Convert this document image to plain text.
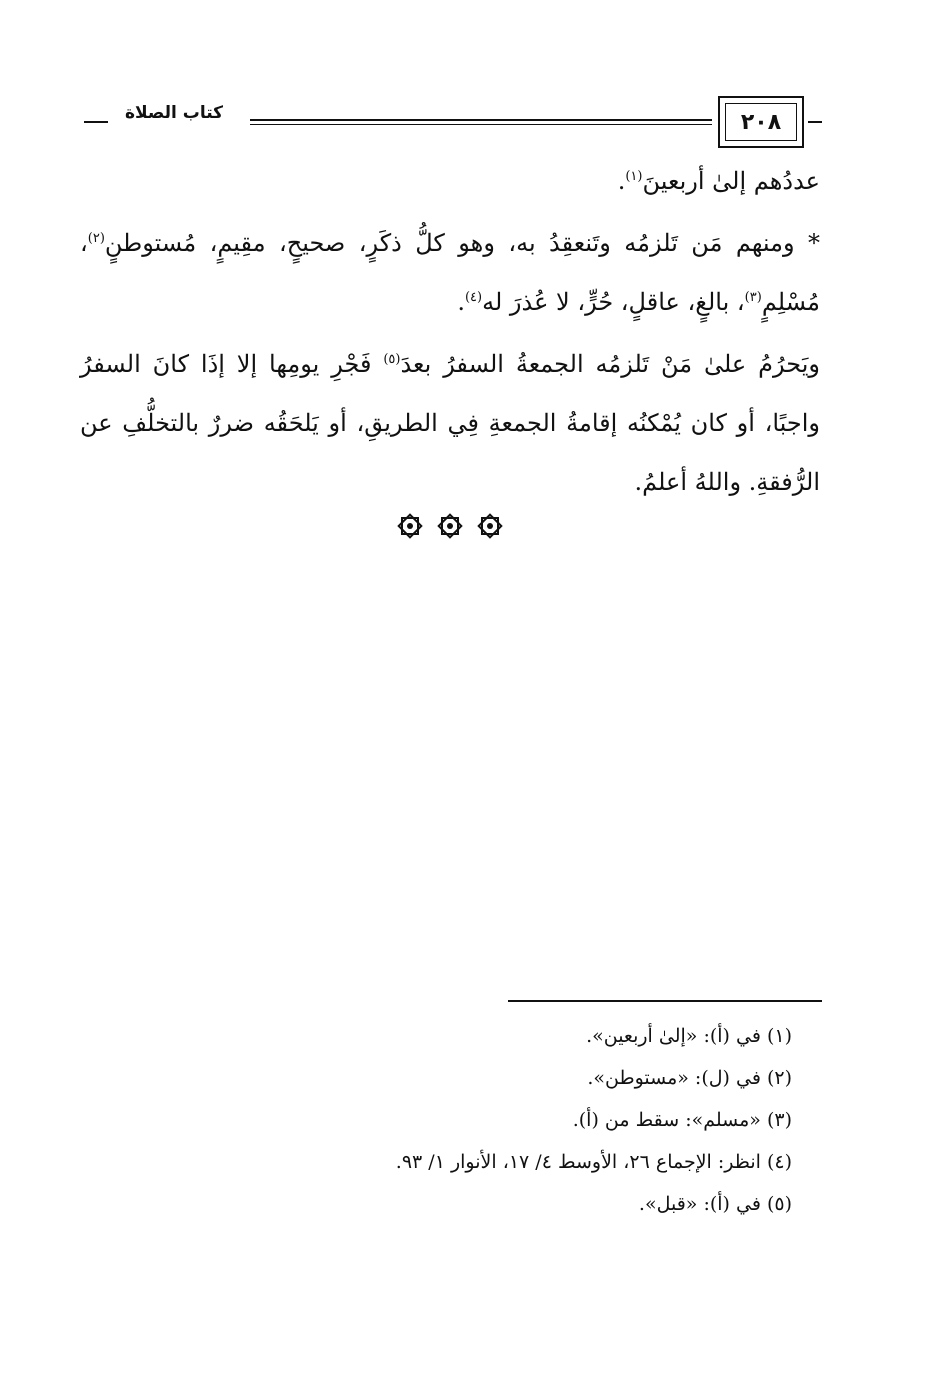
كتاب الصلاة	٢٠٨

عددُهم إلىٰ أربعينَ$^{(١)}$.

* ومنهم مَن تَلزمُه وتَنعقِدُ به، وهو كلُّ ذكَرٍ، صحيحٍ، مقِيمٍ، مُستوطنٍ$^{(٢)}$، مُسْلِمٍ$^{(٣)}$، بالغٍ، عاقلٍ، حُرٍّ، لا عُذرَ له$^{(٤)}$.

ويَحرُمُ علىٰ مَنْ تَلزمُه الجمعةُ السفرُ بعدَ$^{(٥)}$ فَجْرِ يومِها إلا إذَا كانَ السفرُ واجبًا، أو كان يُمْكنُه إقامةُ الجمعةِ فِي الطريقِ، أو يَلحَقُه ضررٌ بالتخلُّفِ عن الرُّفقةِ. واللهُ أعلمُ.

(١) في (أ): «إلىٰ أربعين».
(٢) في (ل): «مستوطن».
(٣) «مسلم»: سقط من (أ).
(٤) انظر: الإجماع ٢٦، الأوسط ٤/ ١٧، الأنوار ١/ ٩٣.
(٥) في (أ): «قبل».
